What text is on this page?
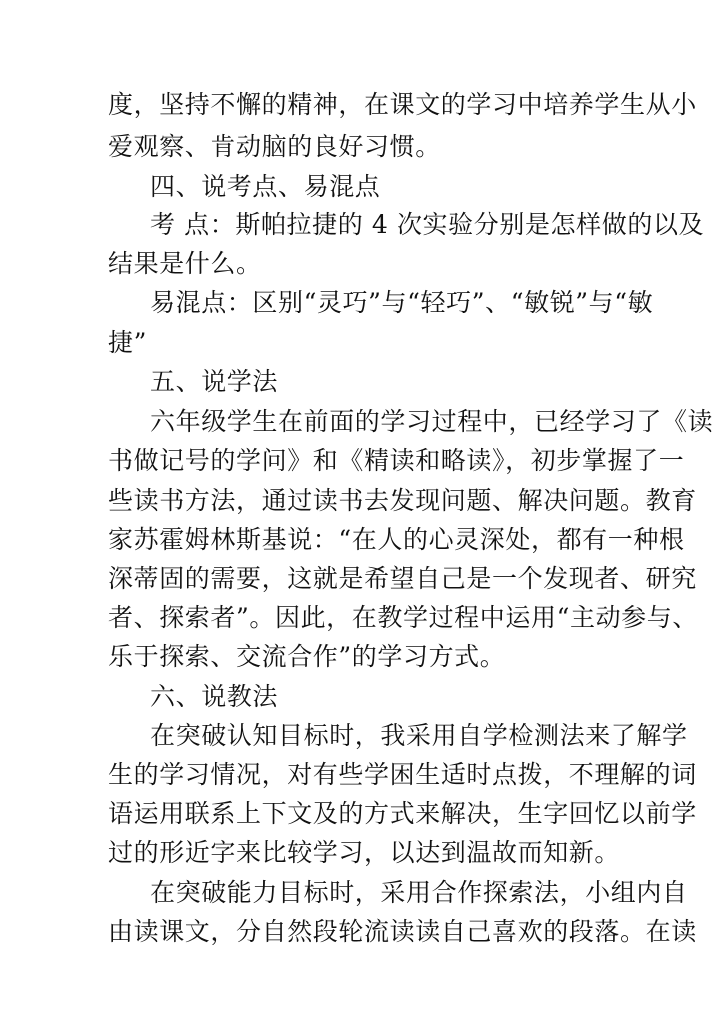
度，坚持不懈的精神，在课文的学习中培养学生从小
爱观察、肯动脑的良好习惯。
四、说考点、易混点
考 点：斯帕拉捷的 4 次实验分别是怎样做的以及
结果是什么。
易混点：区别“灵巧”与“轻巧”、“敏锐”与“敏
捷”
五、说学法
六年级学生在前面的学习过程中，已经学习了《读
书做记号的学问》和《精读和略读》，初步掌握了一
些读书方法，通过读书去发现问题、解决问题。教育
家苏霍姆林斯基说：“在人的心灵深处，都有一种根
深蒂固的需要，这就是希望自己是一个发现者、研究
者、探索者”。因此，在教学过程中运用“主动参与、
乐于探索、交流合作”的学习方式。
六、说教法
在突破认知目标时，我采用自学检测法来了解学
生的学习情况，对有些学困生适时点拨，不理解的词
语运用联系上下文及的方式来解决，生字回忆以前学
过的形近字来比较学习，以达到温故而知新。
在突破能力目标时，采用合作探索法，小组内自
由读课文，分自然段轮流读读自己喜欢的段落。在读
